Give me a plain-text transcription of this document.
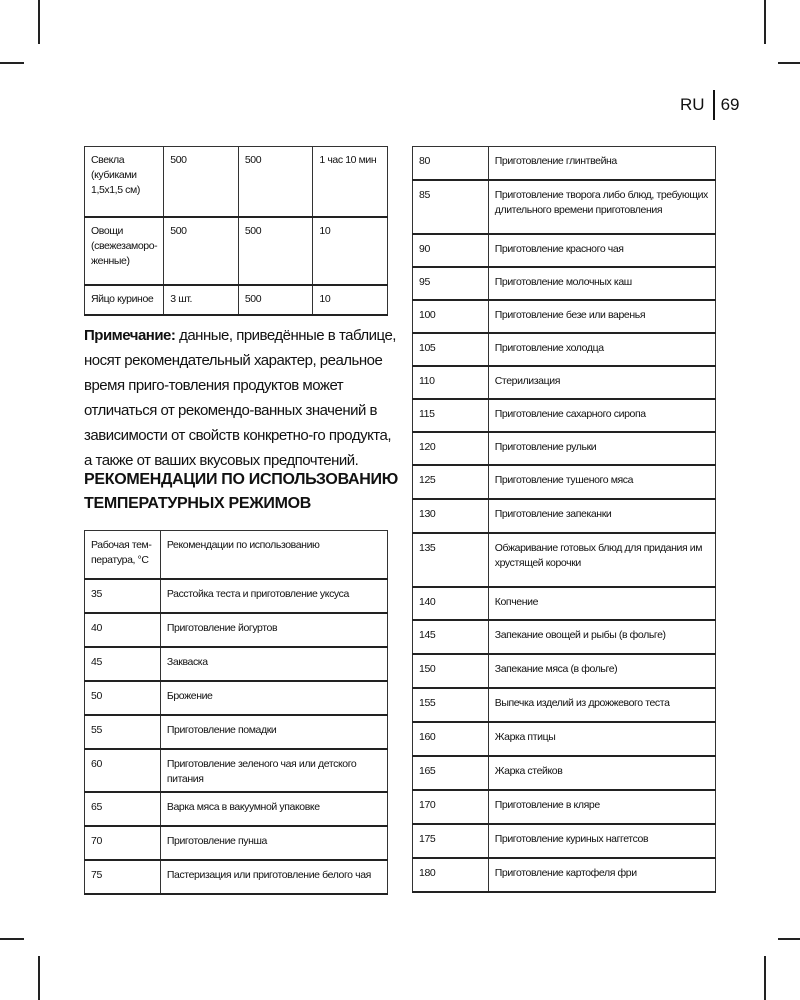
RU 69
Свекла (кубиками 1,5х1,5 см)	500	500	1 час 10 мин
Овощи (свежезаморо-женные)	500	500	10
Яйцо куриное	3 шт.	500	10
Примечание: данные, приведённые в таблице, носят рекомендательный характер, реальное время приго-товления продуктов может отличаться от рекомендо-ванных значений в зависимости от свойств конкретно-го продукта, а также от ваших вкусовых предпочтений.
РЕКОМЕНДАЦИИ ПО ИСПОЛЬЗОВАНИЮ ТЕМПЕРАТУРНЫХ РЕЖИМОВ
Рабочая тем-пература, °С	Рекомендации по использованию
35	Расстойка теста и приготовление уксуса
40	Приготовление йогуртов
45	Закваска
50	Брожение
55	Приготовление помадки
60	Приготовление зеленого чая или детского питания
65	Варка мяса в вакуумной упаковке
70	Приготовление пунша
75	Пастеризация или приготовление белого чая
80	Приготовление глинтвейна
85	Приготовление творога либо блюд, требующих длительного времени приготовления
90	Приготовление красного чая
95	Приготовление молочных каш
100	Приготовление безе или варенья
105	Приготовление холодца
110	Стерилизация
115	Приготовление сахарного сиропа
120	Приготовление рульки
125	Приготовление тушеного мяса
130	Приготовление запеканки
135	Обжаривание готовых блюд для придания им хрустящей корочки
140	Копчение
145	Запекание овощей и рыбы (в фольге)
150	Запекание мяса (в фольге)
155	Выпечка изделий из дрожжевого теста
160	Жарка птицы
165	Жарка стейков
170	Приготовление в кляре
175	Приготовление куриных наггетсов
180	Приготовление картофеля фри
